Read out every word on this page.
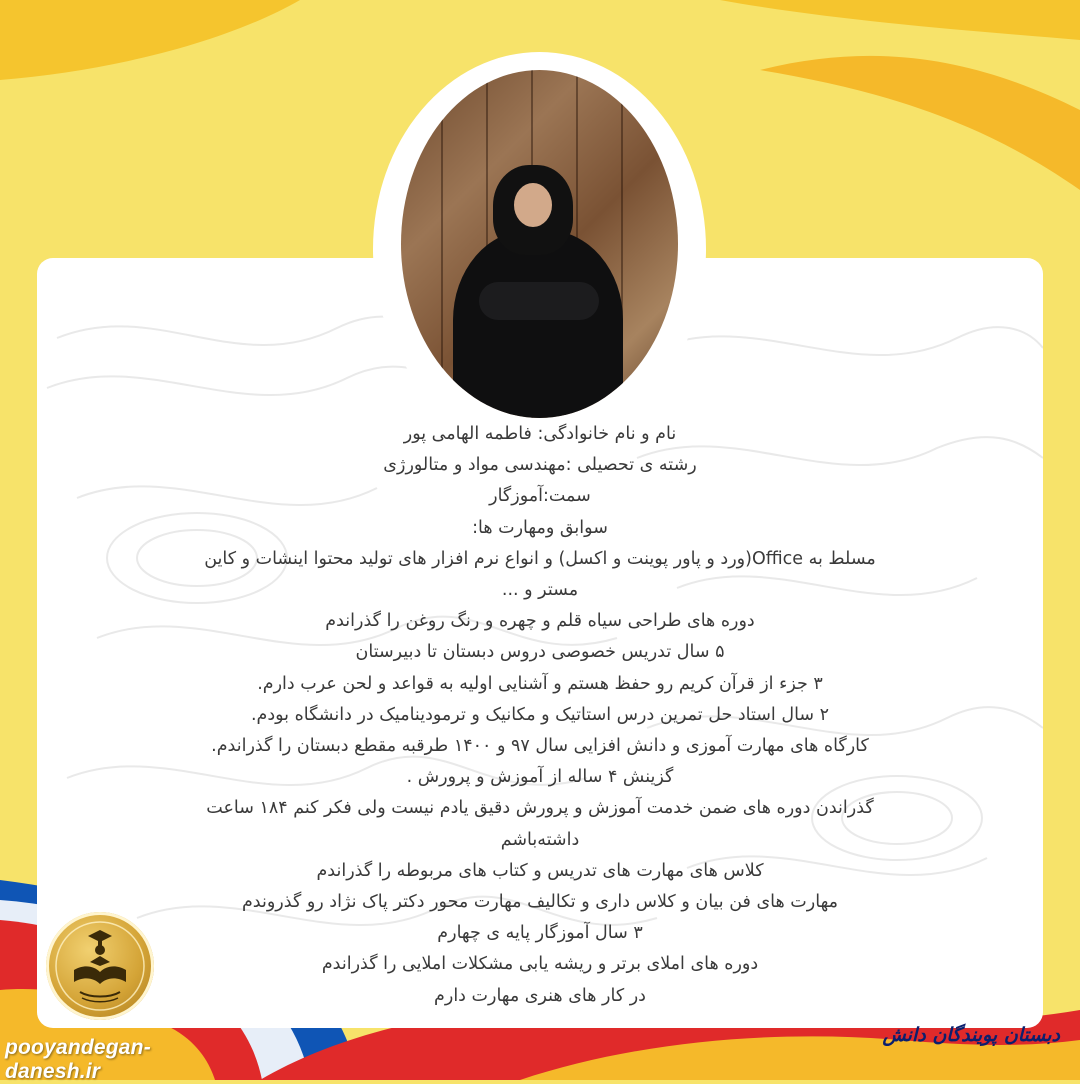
نام و نام خانوادگی: فاطمه الهامی پور
رشته ی تحصیلی :مهندسی مواد و متالورژی
سمت:آموزگار
سوابق ومهارت ها:
مسلط به Office(ورد و پاور پوینت و اکسل) و انواع نرم افزار های تولید محتوا اینشات و کاین
مستر و ...
دوره های طراحی سیاه قلم و چهره و رنگ روغن را گذراندم
۵ سال تدریس خصوصی دروس دبستان تا دبیرستان
۳ جزء از قرآن کریم رو حفظ هستم و آشنایی اولیه به قواعد و لحن عرب دارم.
۲ سال استاد حل تمرین درس استاتیک و مکانیک و ترمودینامیک در دانشگاه بودم.
کارگاه های مهارت آموزی و دانش افزایی سال ۹۷ و ۱۴۰۰ طرقبه مقطع دبستان را گذراندم.
گزینش ۴ ساله از آموزش و پرورش .
گذراندن دوره های ضمن خدمت آموزش و پرورش دقیق یادم نیست ولی فکر کنم ۱۸۴ ساعت
داشته‌باشم
کلاس های مهارت های تدریس و کتاب های مربوطه را گذراندم
مهارت های فن بیان و کلاس داری و تکالیف مهارت محور دکتر پاک نژاد رو گذروندم
۳ سال آموزگار پایه ی چهارم
دوره های املای برتر و ریشه یابی مشکلات املایی را گذراندم
در کار های هنری مهارت دارم
pooyandegan-danesh.ir
دبستان پویندگان دانش
